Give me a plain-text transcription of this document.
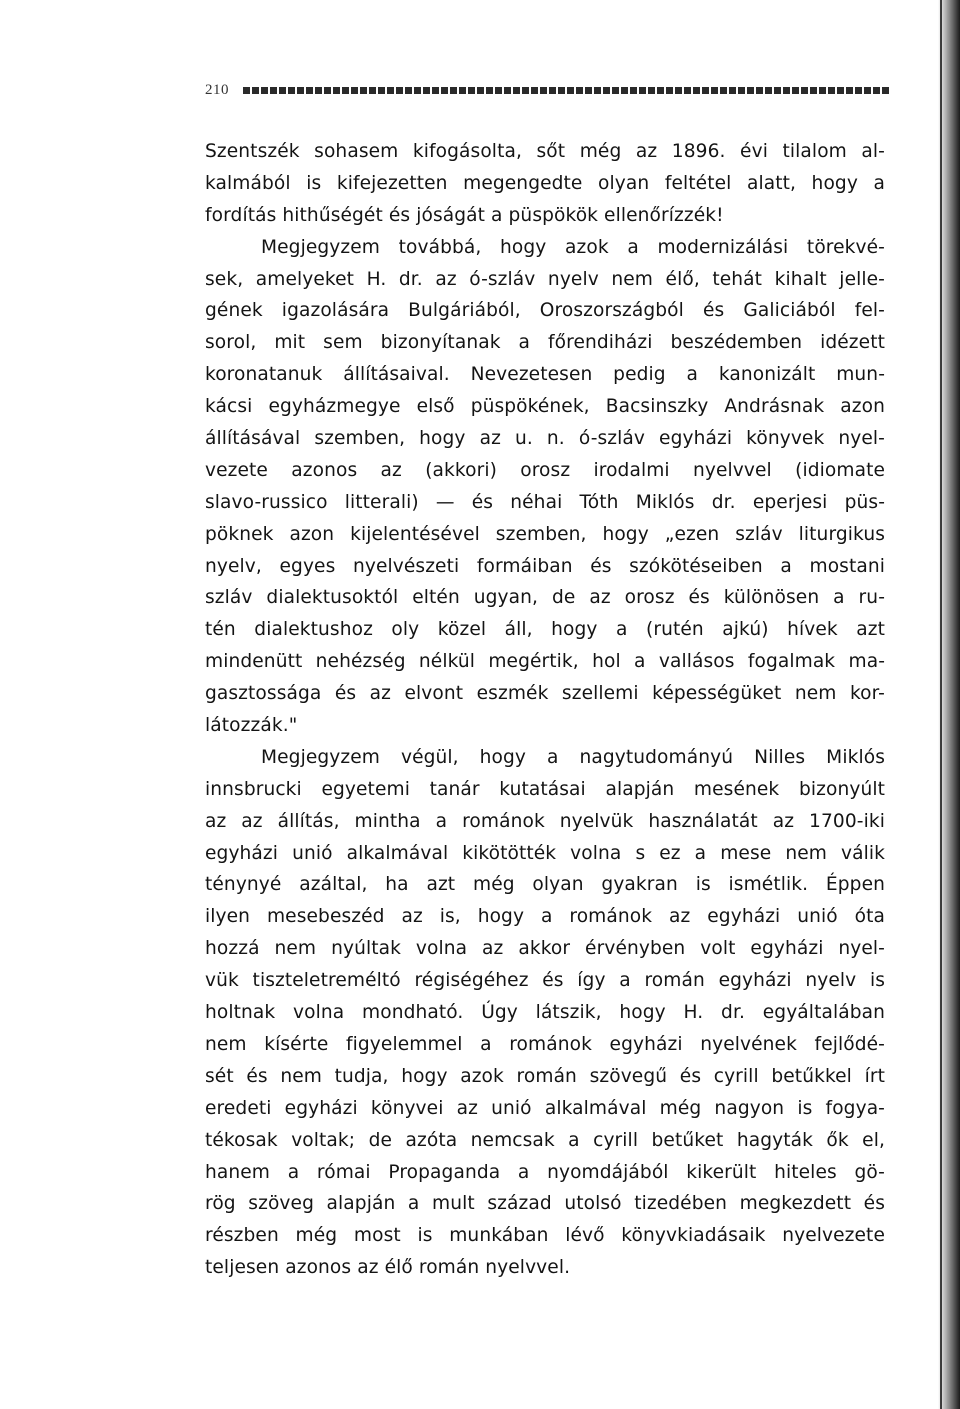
210
Szentszék sohasem kifogásolta, sőt még az 1896. évi tilalom al-
kalmából is kifejezetten megengedte olyan feltétel alatt, hogy a
fordítás hithűségét és jóságát a püspökök ellenőrízzék!
Megjegyzem továbbá, hogy azok a modernizálási törekvé-
sek, amelyeket H. dr. az ó-szláv nyelv nem élő, tehát kihalt jelle-
gének igazolására Bulgáriából, Oroszországból és Galiciából fel-
sorol, mit sem bizonyítanak a főrendiházi beszédemben idézett
koronatanuk állításaival. Nevezetesen pedig a kanonizált mun-
kácsi egyházmegye első püspökének, Bacsinszky Andrásnak azon
állításával szemben, hogy az u. n. ó-szláv egyházi könyvek nyel-
vezete azonos az (akkori) orosz irodalmi nyelvvel (idiomate
slavo-russico litterali) — és néhai Tóth Miklós dr. eperjesi püs-
pöknek azon kijelentésével szemben, hogy „ezen szláv liturgikus
nyelv, egyes nyelvészeti formáiban és szókötéseiben a mostani
szláv dialektusoktól eltén ugyan, de az orosz és különösen a ru-
tén dialektushoz oly közel áll, hogy a (rutén ajkú) hívek azt
mindenütt nehézség nélkül megértik, hol a vallásos fogalmak ma-
gasztossága és az elvont eszmék szellemi képességüket nem kor-
látozzák."
Megjegyzem végül, hogy a nagytudományú Nilles Miklós
innsbrucki egyetemi tanár kutatásai alapján mesének bizonyúlt
az az állítás, mintha a románok nyelvük használatát az 1700-iki
egyházi unió alkalmával kikötötték volna s ez a mese nem válik
ténynyé azáltal, ha azt még olyan gyakran is ismétlik. Éppen
ilyen mesebeszéd az is, hogy a románok az egyházi unió óta
hozzá nem nyúltak volna az akkor érvényben volt egyházi nyel-
vük tiszteletreméltó régiségéhez és így a román egyházi nyelv is
holtnak volna mondható. Úgy látszik, hogy H. dr. egyáltalában
nem kísérte figyelemmel a románok egyházi nyelvének fejlődé-
sét és nem tudja, hogy azok román szövegű és cyrill betűkkel írt
eredeti egyházi könyvei az unió alkalmával még nagyon is fogya-
tékosak voltak; de azóta nemcsak a cyrill betűket hagyták ők el,
hanem a római Propaganda a nyomdájából kikerült hiteles gö-
rög szöveg alapján a mult század utolsó tizedében megkezdett és
részben még most is munkában lévő könyvkiadásaik nyelvezete
teljesen azonos az élő román nyelvvel.
